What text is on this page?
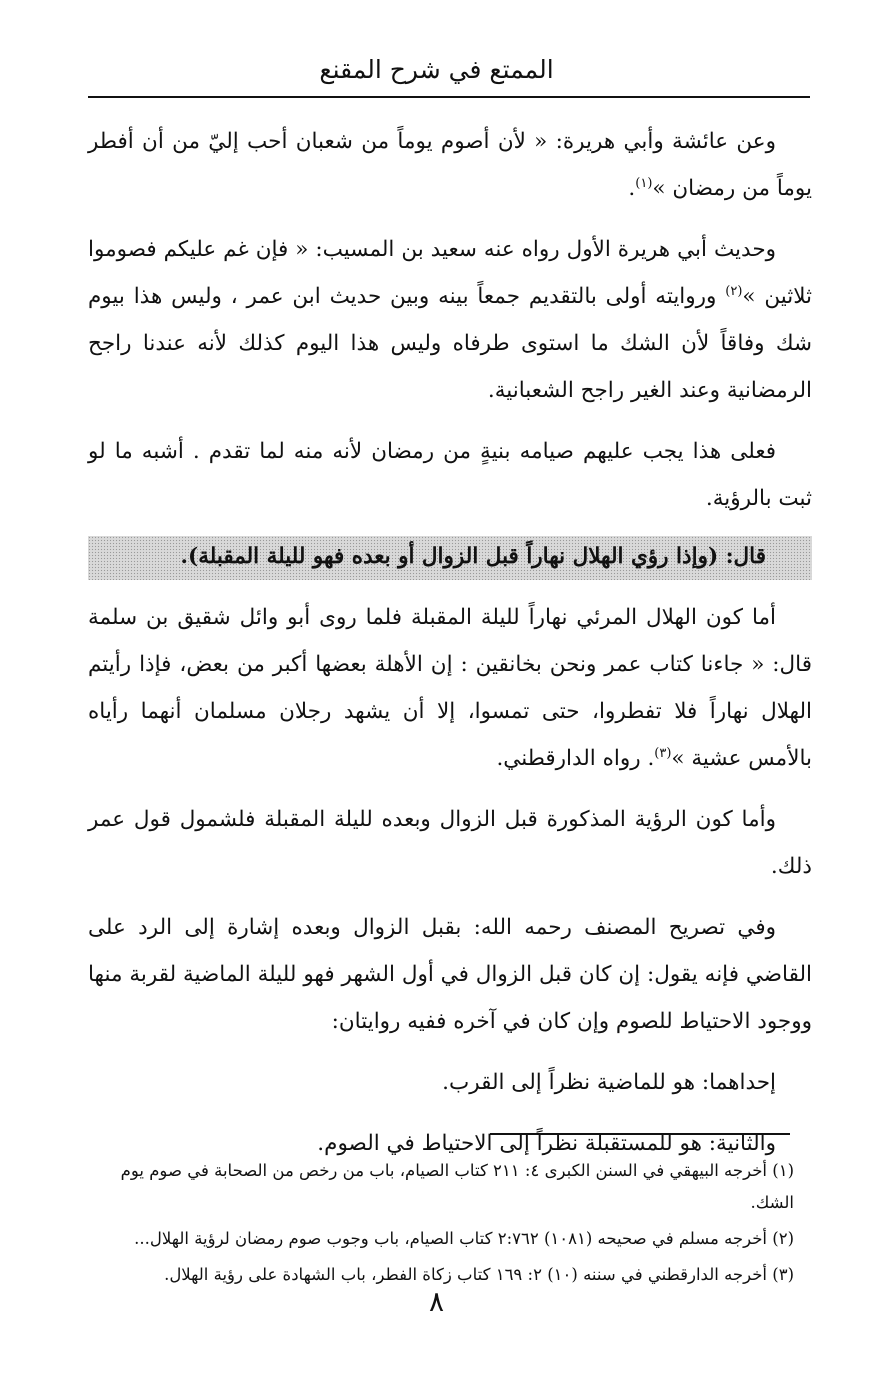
الممتع في شرح المقنع

وعن عائشة وأبي هريرة: « لأن أصوم يوماً من شعبان أحب إليّ من أن أفطر يوماً من رمضان »$^{(١)}$.

وحديث أبي هريرة الأول رواه عنه سعيد بن المسيب: « فإن غم عليكم فصوموا ثلاثين »$^{(٢)}$ وروايته أولى بالتقديم جمعاً بينه وبين حديث ابن عمر ، وليس هذا بيوم شك وفاقاً لأن الشك ما استوى طرفاه وليس هذا اليوم كذلك لأنه عندنا راجح الرمضانية وعند الغير راجح الشعبانية.

فعلى هذا يجب عليهم صيامه بنيةٍ من رمضان لأنه منه لما تقدم . أشبه ما لو ثبت بالرؤية.

قال: (وإذا رؤي الهلال نهاراً قبل الزوال أو بعده فهو لليلة المقبلة).

أما كون الهلال المرئي نهاراً لليلة المقبلة فلما روى أبو وائل شقيق بن سلمة قال: « جاءنا كتاب عمر ونحن بخانقين : إن الأهلة بعضها أكبر من بعض، فإذا رأيتم الهلال نهاراً فلا تفطروا، حتى تمسوا، إلا أن يشهد رجلان مسلمان أنهما رأياه بالأمس عشية »$^{(٣)}$. رواه الدارقطني.

وأما كون الرؤية المذكورة قبل الزوال وبعده لليلة المقبلة فلشمول قول عمر ذلك.

وفي تصريح المصنف رحمه الله: بقبل الزوال وبعده إشارة إلى الرد على القاضي فإنه يقول: إن كان قبل الزوال في أول الشهر فهو لليلة الماضية لقربة منها ووجود الاحتياط للصوم وإن كان في آخره ففيه روايتان:

إحداهما: هو للماضية نظراً إلى القرب.

والثانية: هو للمستقبلة نظراً إلى الاحتياط في الصوم.

(١) أخرجه البيهقي في السنن الكبرى ٤: ٢١١ كتاب الصيام، باب من رخص من الصحابة في صوم يوم الشك.

(٢) أخرجه مسلم في صحيحه (١٠٨١) ٢:٧٦٢ كتاب الصيام، باب وجوب صوم رمضان لرؤية الهلال...

(٣) أخرجه الدارقطني في سننه (١٠) ٢: ١٦٩ كتاب زكاة الفطر، باب الشهادة على رؤية الهلال.

٨
